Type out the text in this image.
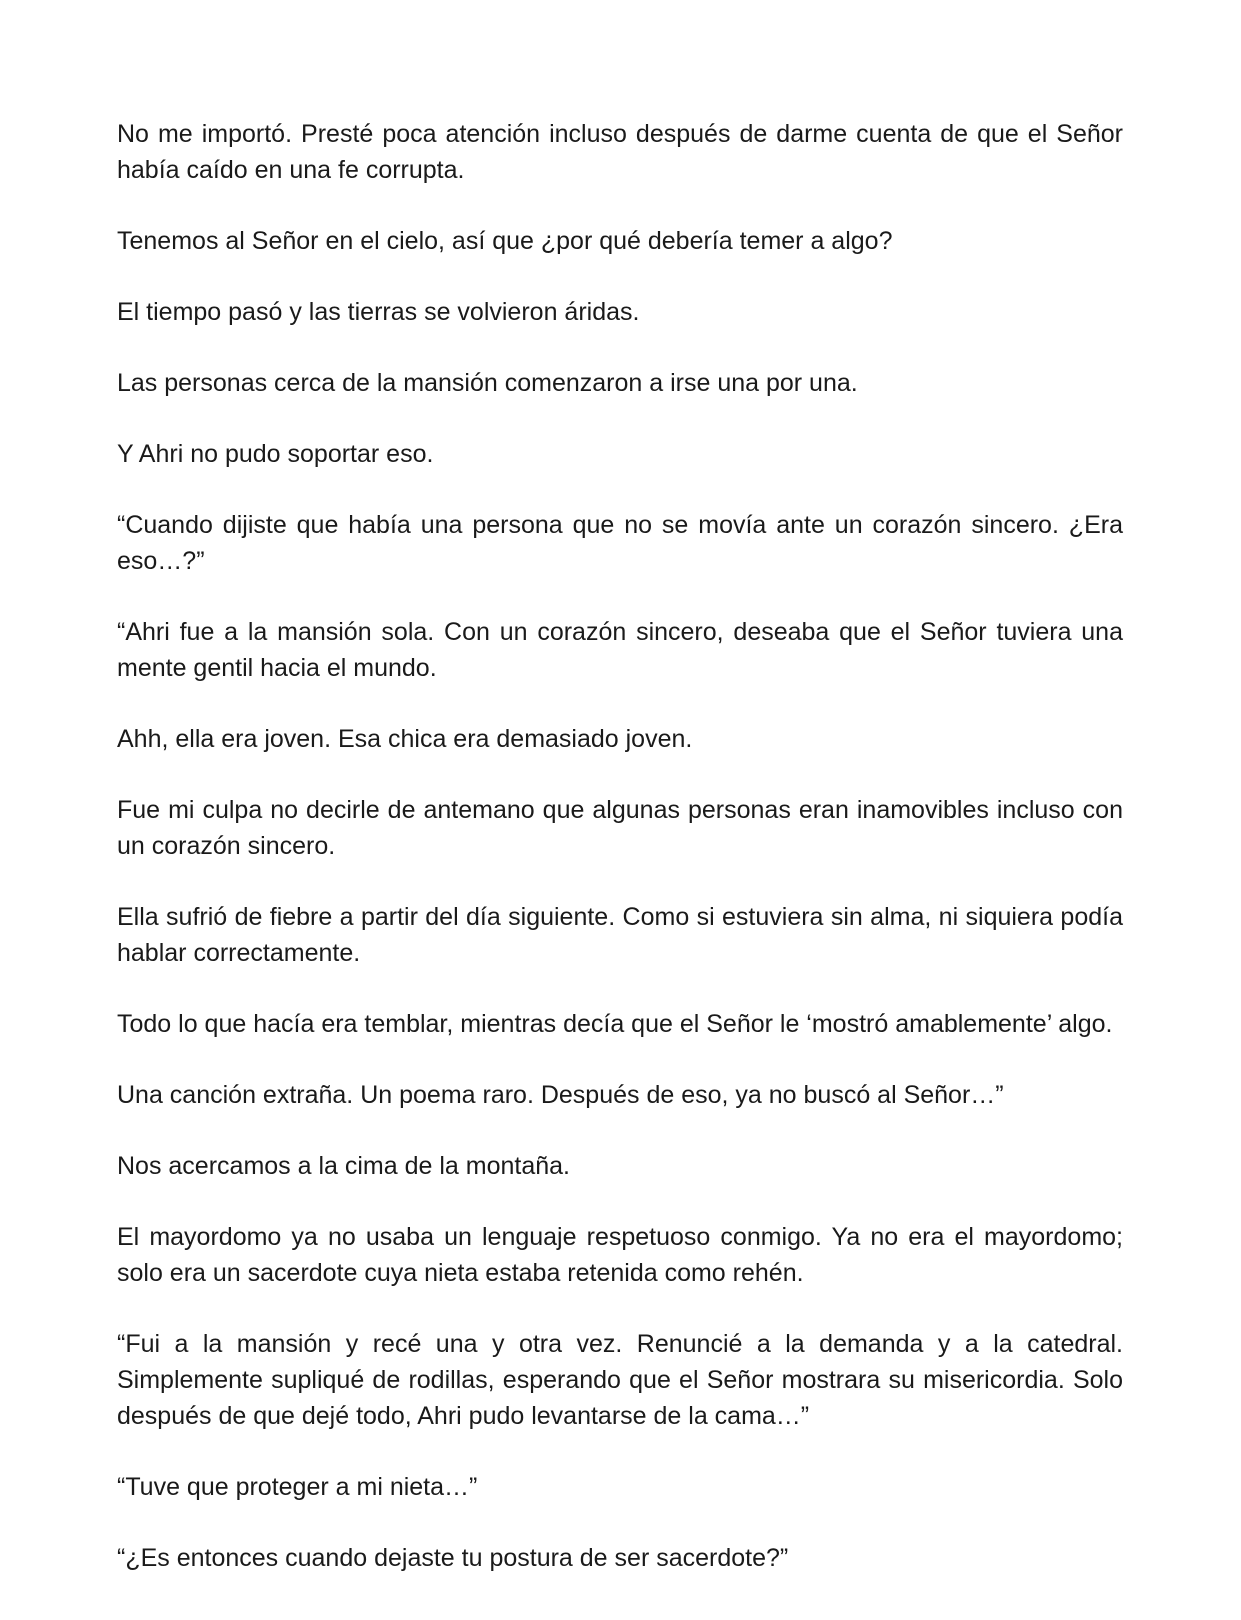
No me importó. Presté poca atención incluso después de darme cuenta de que el Señor había caído en una fe corrupta.

Tenemos al Señor en el cielo, así que ¿por qué debería temer a algo?

El tiempo pasó y las tierras se volvieron áridas.

Las personas cerca de la mansión comenzaron a irse una por una.

Y Ahri no pudo soportar eso.

“Cuando dijiste que había una persona que no se movía ante un corazón sincero. ¿Era eso…?”

“Ahri fue a la mansión sola. Con un corazón sincero, deseaba que el Señor tuviera una mente gentil hacia el mundo.

Ahh, ella era joven. Esa chica era demasiado joven.

Fue mi culpa no decirle de antemano que algunas personas eran inamovibles incluso con un corazón sincero.

Ella sufrió de fiebre a partir del día siguiente. Como si estuviera sin alma, ni siquiera podía hablar correctamente.

Todo lo que hacía era temblar, mientras decía que el Señor le ‘mostró amablemente’ algo.

Una canción extraña. Un poema raro. Después de eso, ya no buscó al Señor…”

Nos acercamos a la cima de la montaña.

El mayordomo ya no usaba un lenguaje respetuoso conmigo. Ya no era el mayordomo; solo era un sacerdote cuya nieta estaba retenida como rehén.

“Fui a la mansión y recé una y otra vez. Renuncié a la demanda y a la catedral. Simplemente supliqué de rodillas, esperando que el Señor mostrara su misericordia. Solo después de que dejé todo, Ahri pudo levantarse de la cama…”

“Tuve que proteger a mi nieta…”

“¿Es entonces cuando dejaste tu postura de ser sacerdote?”
